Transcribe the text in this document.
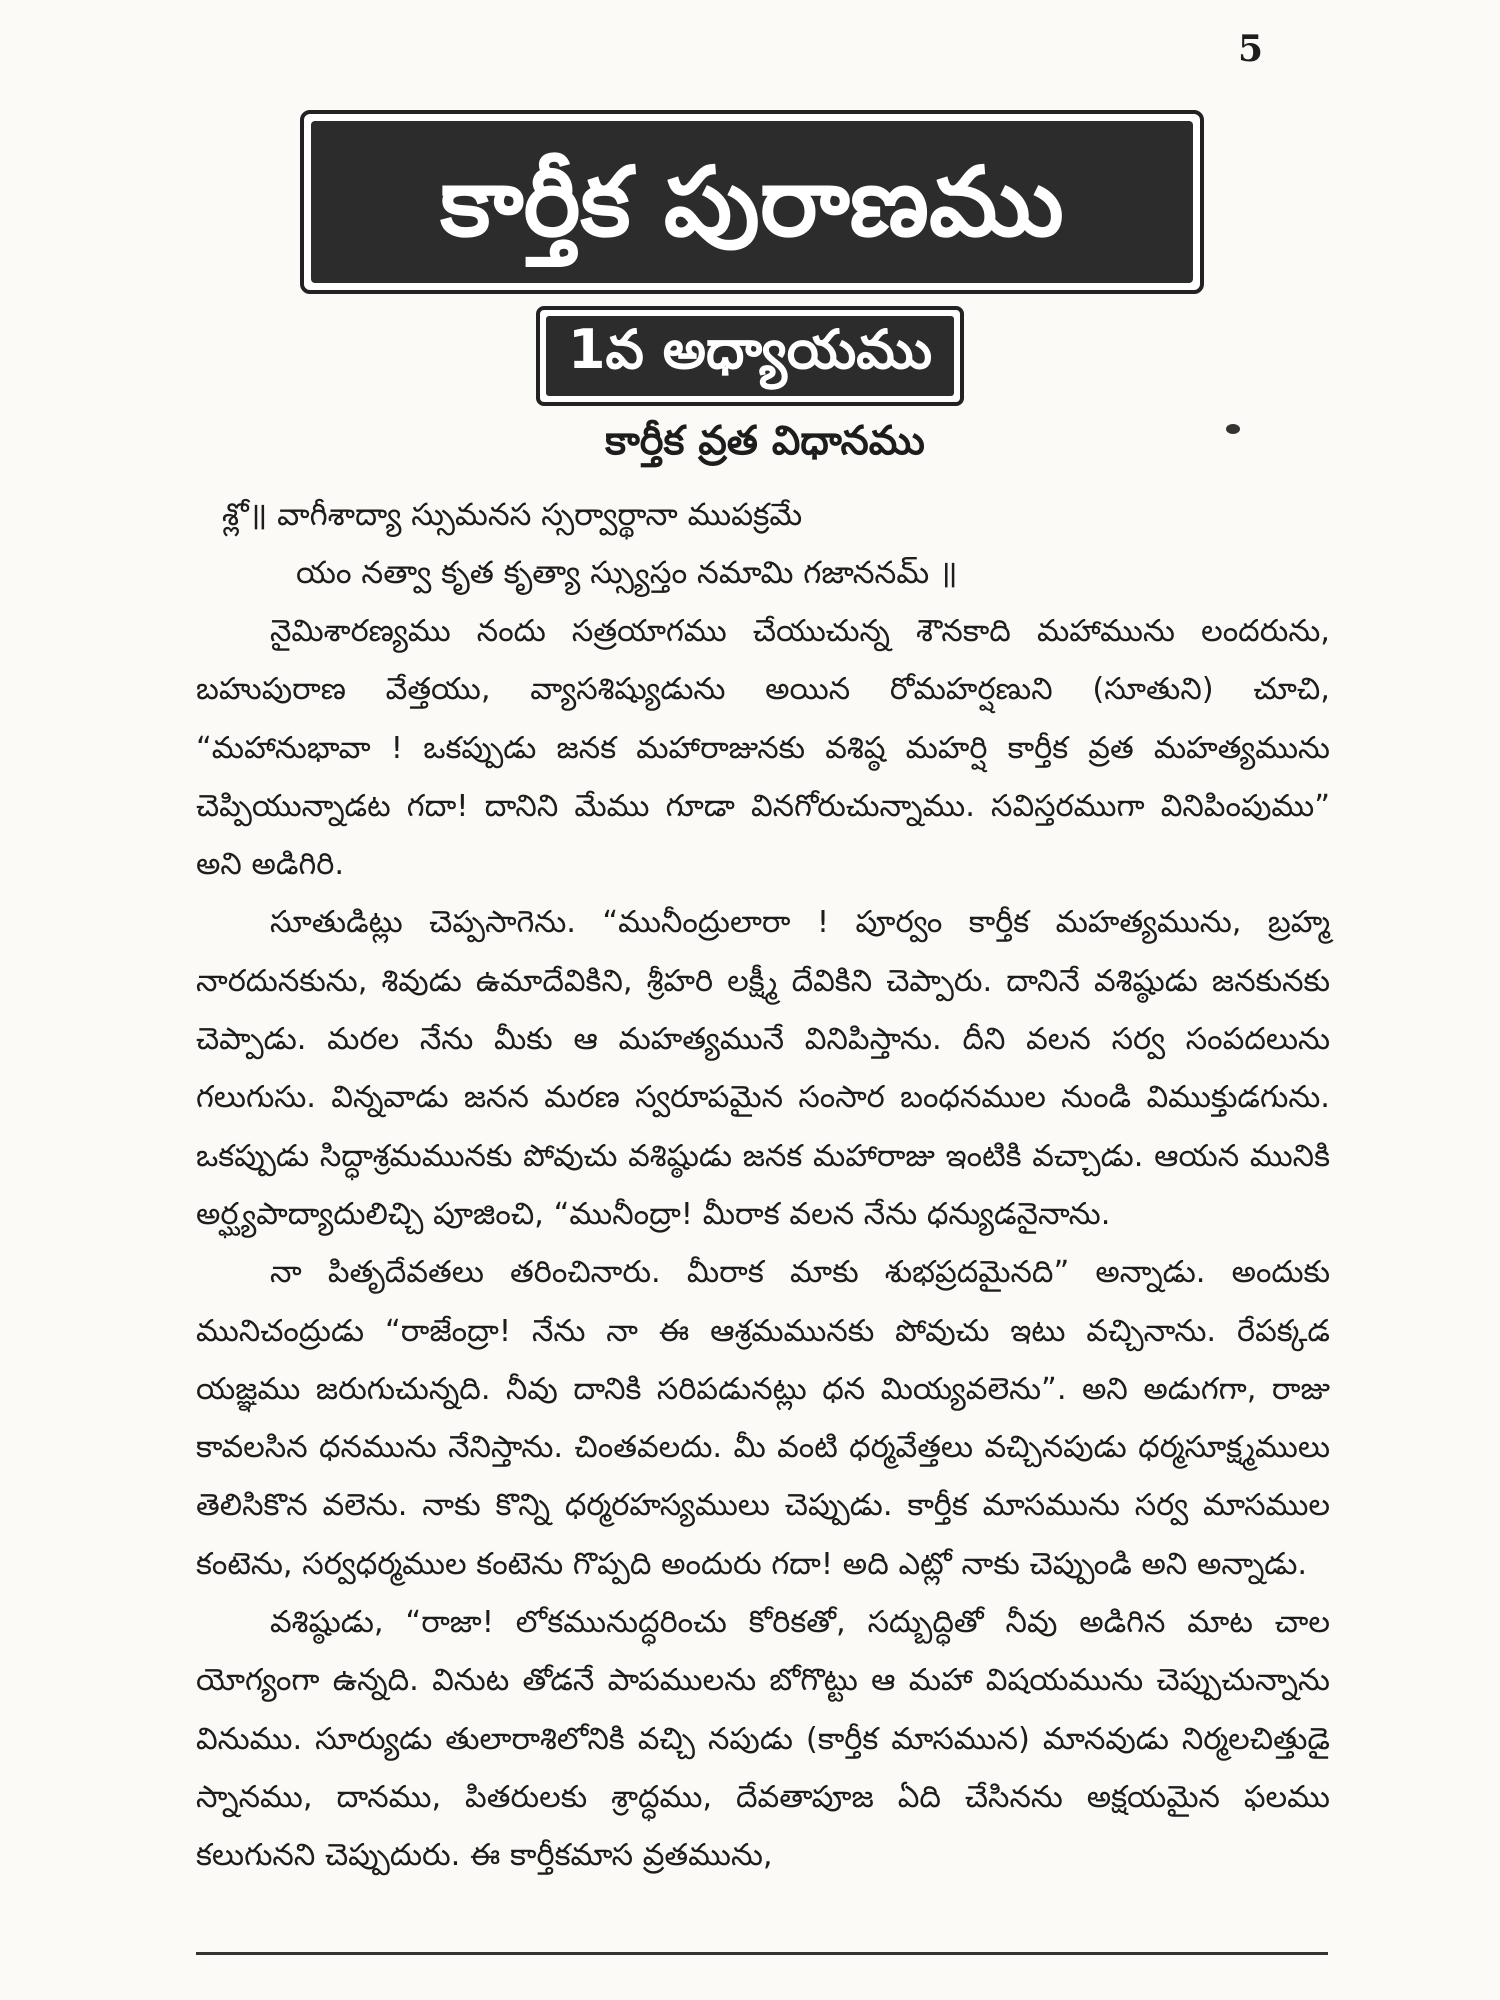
5
కార్తీక పురాణము
1వ అధ్యాయము
కార్తీక వ్రత విధానము
శ్లో॥ వాగీశాద్యా స్సుమనస స్సర్వార్థానా ముపక్రమే
యం నత్వా కృత కృత్యా స్స్యుస్తం నమామి గజాననమ్ ॥

నైమిశారణ్యము నందు సత్రయాగము చేయుచున్న శౌనకాది మహామును లందరును, బహుపురాణ వేత్తయు, వ్యాసశిష్యుడును అయిన రోమహర్షణుని (సూతుని) చూచి, “మహానుభావా ! ఒకప్పుడు జనక మహారాజునకు వశిష్ఠ మహర్షి కార్తీక వ్రత మహత్యమును చెప్పియున్నాడట గదా! దానిని మేము గూడా వినగోరుచున్నాము. సవిస్తరముగా వినిపింపుము” అని అడిగిరి.

సూతుడిట్లు చెప్పసాగెను. “మునీంద్రులారా ! పూర్వం కార్తీక మహత్యమును, బ్రహ్మ నారదునకును, శివుడు ఉమాదేవికిని, శ్రీహరి లక్ష్మీ దేవికిని చెప్పారు. దానినే వశిష్ఠుడు జనకునకు చెప్పాడు. మరల నేను మీకు ఆ మహత్యమునే వినిపిస్తాను. దీని వలన సర్వ సంపదలును గలుగుసు. విన్నవాడు జనన మరణ స్వరూపమైన సంసార బంధనముల నుండి విముక్తుడగును. ఒకప్పుడు సిద్ధాశ్రమమునకు పోవుచు వశిష్ఠుడు జనక మహారాజు ఇంటికి వచ్చాడు. ఆయన మునికి అర్ఘ్యపాద్యాదులిచ్చి పూజించి, “మునీంద్రా! మీరాక వలన నేను ధన్యుడనైనాను.

నా పితృదేవతలు తరించినారు. మీరాక మాకు శుభప్రదమైనది” అన్నాడు. అందుకు మునిచంద్రుడు “రాజేంద్రా! నేను నా ఈ ఆశ్రమమునకు పోవుచు ఇటు వచ్చినాను. రేపక్కడ యజ్ఞము జరుగుచున్నది. నీవు దానికి సరిపడునట్లు ధన మియ్యవలెను”. అని అడుగగా, రాజు కావలసిన ధనమును నేనిస్తాను. చింతవలదు. మీ వంటి ధర్మవేత్తలు వచ్చినపుడు ధర్మసూక్ష్మములు తెలిసికొన వలెను. నాకు కొన్ని ధర్మరహస్యములు చెప్పుడు. కార్తీక మాసమును సర్వ మాసముల కంటెను, సర్వధర్మముల కంటెను గొప్పది అందురు గదా! అది ఎట్లో నాకు చెప్పుండి అని అన్నాడు.

వశిష్ఠుడు, “రాజా! లోకమునుద్ధరించు కోరికతో, సద్బుద్ధితో నీవు అడిగిన మాట చాల యోగ్యంగా ఉన్నది. వినుట తోడనే పాపములను బోగొట్టు ఆ మహా విషయమును చెప్పుచున్నాను వినుము. సూర్యుడు తులారాశిలోనికి వచ్చి నపుడు (కార్తీక మాసమున) మానవుడు నిర్మలచిత్తుడై స్నానము, దానము, పితరులకు శ్రాద్ధము, దేవతాపూజ ఏది చేసినను అక్షయమైన ఫలము కలుగునని చెప్పుదురు. ఈ కార్తీకమాస వ్రతమును,
